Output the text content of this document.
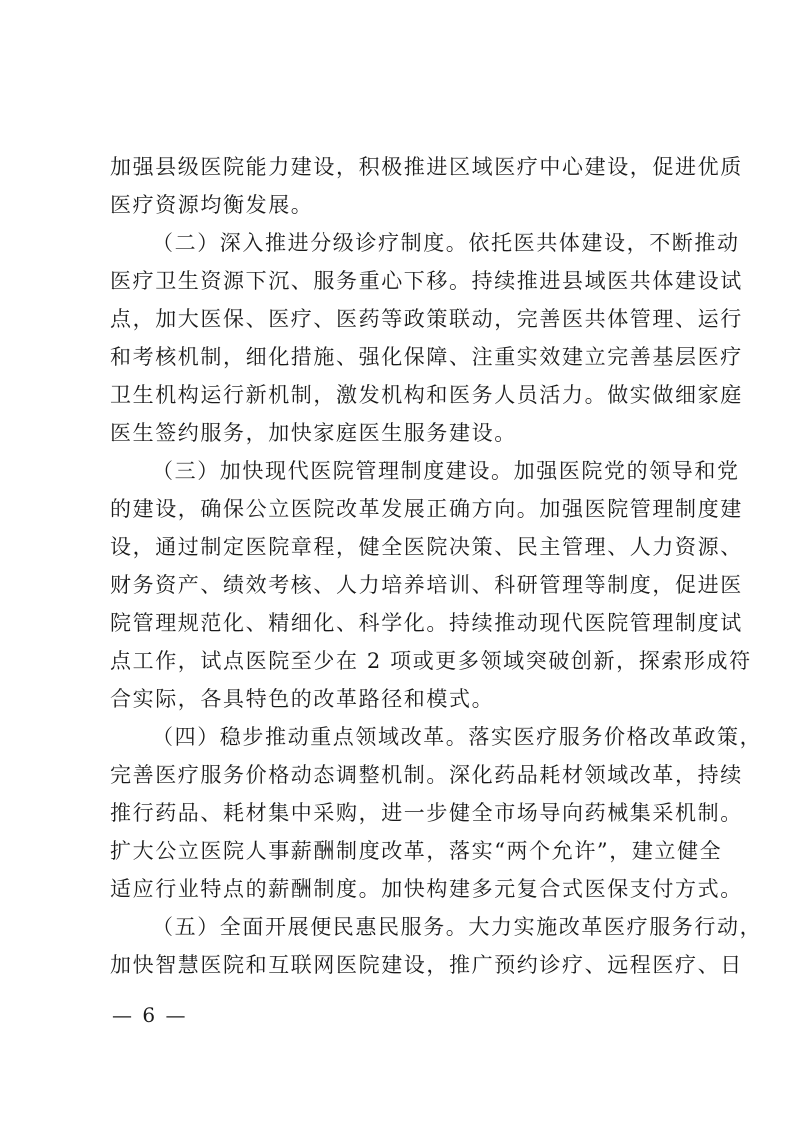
加强县级医院能力建设，积极推进区域医疗中心建设，促进优质
医疗资源均衡发展。
（二）深入推进分级诊疗制度。依托医共体建设，不断推动
医疗卫生资源下沉、服务重心下移。持续推进县域医共体建设试
点，加大医保、医疗、医药等政策联动，完善医共体管理、运行
和考核机制，细化措施、强化保障、注重实效建立完善基层医疗
卫生机构运行新机制，激发机构和医务人员活力。做实做细家庭
医生签约服务，加快家庭医生服务建设。
（三）加快现代医院管理制度建设。加强医院党的领导和党
的建设，确保公立医院改革发展正确方向。加强医院管理制度建
设，通过制定医院章程，健全医院决策、民主管理、人力资源、
财务资产、绩效考核、人力培养培训、科研管理等制度，促进医
院管理规范化、精细化、科学化。持续推动现代医院管理制度试
点工作，试点医院至少在 2 项或更多领域突破创新，探索形成符
合实际，各具特色的改革路径和模式。
（四）稳步推动重点领域改革。落实医疗服务价格改革政策，
完善医疗服务价格动态调整机制。深化药品耗材领域改革，持续
推行药品、耗材集中采购，进一步健全市场导向药械集采机制。
扩大公立医院人事薪酬制度改革，落实“两个允许”，建立健全
适应行业特点的薪酬制度。加快构建多元复合式医保支付方式。
（五）全面开展便民惠民服务。大力实施改革医疗服务行动，
加快智慧医院和互联网医院建设，推广预约诊疗、远程医疗、日
— 6 —
